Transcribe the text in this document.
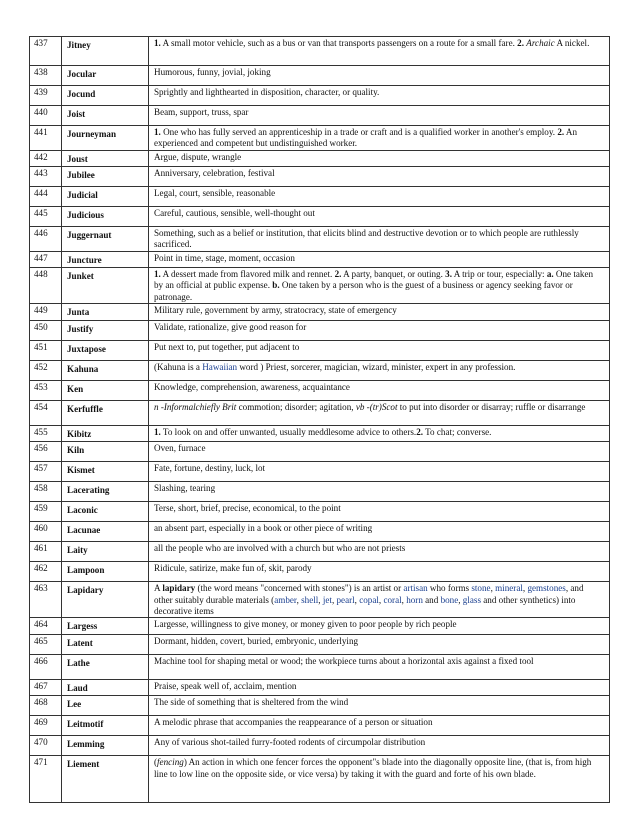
437	Jitney	1. A small motor vehicle, such as a bus or van that transports passengers on a route for a small fare. 2. Archaic A nickel.
438	Jocular	Humorous, funny, jovial, joking
439	Jocund	Sprightly and lighthearted in disposition, character, or quality.
440	Joist	Beam, support, truss, spar
441	Journeyman	1. One who has fully served an apprenticeship in a trade or craft and is a qualified worker in another's employ. 2. An experienced and competent but undistinguished worker.
442	Joust	Argue, dispute, wrangle
443	Jubilee	Anniversary, celebration, festival
444	Judicial	Legal, court, sensible, reasonable
445	Judicious	Careful, cautious, sensible, well-thought out
446	Juggernaut	Something, such as a belief or institution, that elicits blind and destructive devotion or to which people are ruthlessly sacrificed.
447	Juncture	Point in time, stage, moment, occasion
448	Junket	1. A dessert made from flavored milk and rennet. 2. A party, banquet, or outing. 3. A trip or tour, especially: a. One taken by an official at public expense. b. One taken by a person who is the guest of a business or agency seeking favor or patronage.
449	Junta	Military rule, government by army, stratocracy, state of emergency
450	Justify	Validate, rationalize, give good reason for
451	Juxtapose	Put next to, put together, put adjacent to
452	Kahuna	(Kahuna is a Hawaiian word ) Priest, sorcerer, magician, wizard, minister, expert in any profession.
453	Ken	Knowledge, comprehension, awareness, acquaintance
454	Kerfuffle	n -Informalchiefly Brit commotion; disorder; agitation, vb -(tr)Scot to put into disorder or disarray; ruffle or disarrange
455	Kibitz	1. To look on and offer unwanted, usually meddlesome advice to others.2. To chat; converse.
456	Kiln	Oven, furnace
457	Kismet	Fate, fortune, destiny, luck, lot
458	Lacerating	Slashing, tearing
459	Laconic	Terse, short, brief, precise, economical, to the point
460	Lacunae	an absent part, especially in a book or other piece of writing
461	Laity	all the people who are involved with a church but who are not priests
462	Lampoon	Ridicule, satirize, make fun of, skit, parody
463	Lapidary	A lapidary (the word means "concerned with stones") is an artist or artisan who forms stone, mineral, gemstones, and other suitably durable materials (amber, shell, jet, pearl, copal, coral, horn and bone, glass and other synthetics) into decorative items
464	Largess	Largesse, willingness to give money, or money given to poor people by rich people
465	Latent	Dormant, hidden, covert, buried, embryonic, underlying
466	Lathe	Machine tool for shaping metal or wood; the workpiece turns about a horizontal axis against a fixed tool
467	Laud	Praise, speak well of, acclaim, mention
468	Lee	The side of something that is sheltered from the wind
469	Leitmotif	A melodic phrase that accompanies the reappearance of a person or situation
470	Lemming	Any of various shot-tailed furry-footed rodents of circumpolar distribution
471	Liement	(fencing) An action in which one fencer forces the opponent"s blade into the diagonally opposite line, (that is, from high line to low line on the opposite side, or vice versa) by taking it with the guard and forte of his own blade.
